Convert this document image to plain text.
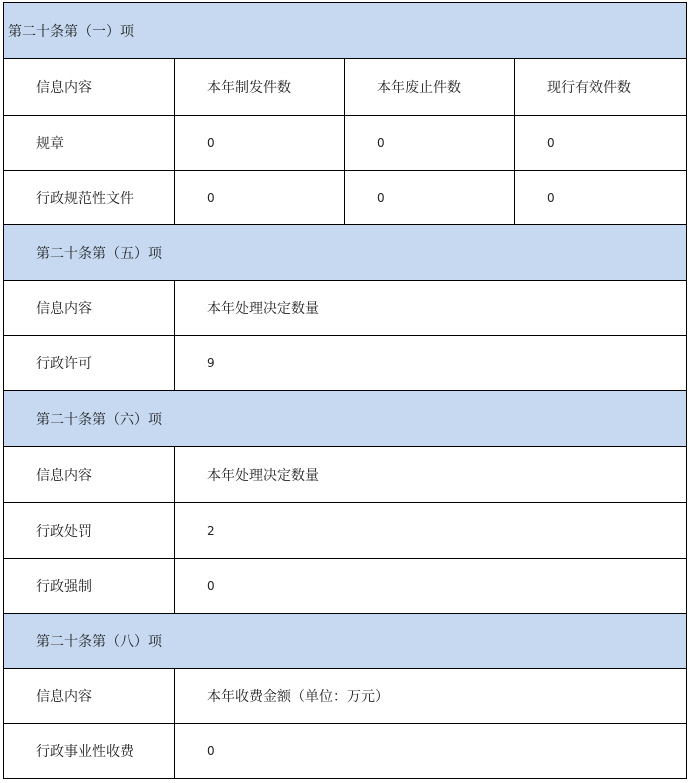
第二十条第（一）项			
信息内容	本年制发件数	本年废止件数	现行有效件数
规章	0	0	0
行政规范性文件	0	0	0
第二十条第（五）项			
信息内容	本年处理决定数量		
行政许可	9		
第二十条第（六）项			
信息内容	本年处理决定数量		
行政处罚	2		
行政强制	0		
第二十条第（八）项			
信息内容	本年收费金额（单位：万元）		
行政事业性收费	0		
